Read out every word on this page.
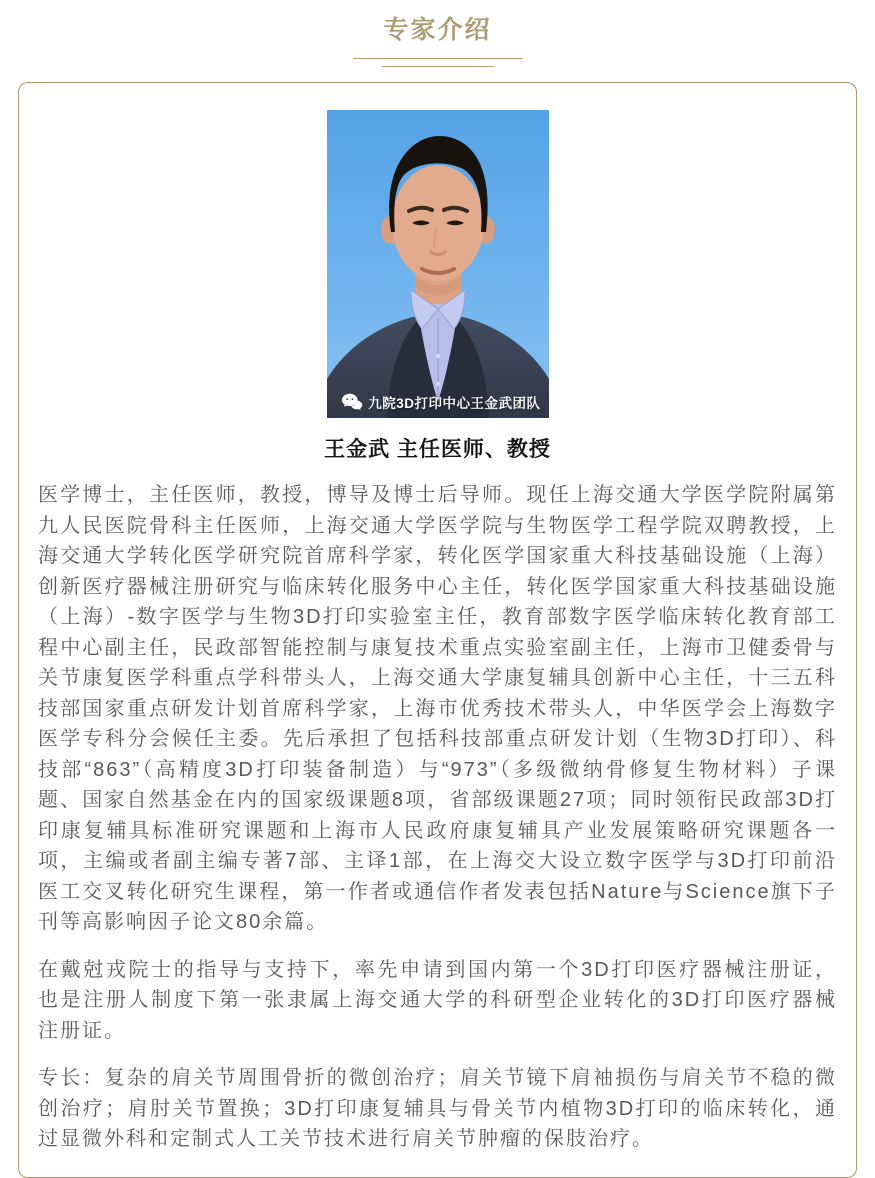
专家介绍
九院3D打印中心王金武团队
王金武 主任医师、教授

医学博士，主任医师，教授，博导及博士后导师。现任上海交通大学医学院附属第九人民医院骨科主任医师，上海交通大学医学院与生物医学工程学院双聘教授，上海交通大学转化医学研究院首席科学家，转化医学国家重大科技基础设施（上海）创新医疗器械注册研究与临床转化服务中心主任，转化医学国家重大科技基础设施（上海）-数字医学与生物3D打印实验室主任，教育部数字医学临床转化教育部工程中心副主任，民政部智能控制与康复技术重点实验室副主任，上海市卫健委骨与关节康复医学科重点学科带头人，上海交通大学康复辅具创新中心主任，十三五科技部国家重点研发计划首席科学家，上海市优秀技术带头人，中华医学会上海数字医学专科分会候任主委。先后承担了包括科技部重点研发计划（生物3D打印）、科技部“863”（高精度3D打印装备制造）与“973”（多级微纳骨修复生物材料）子课题、国家自然基金在内的国家级课题8项，省部级课题27项；同时领衔民政部3D打印康复辅具标准研究课题和上海市人民政府康复辅具产业发展策略研究课题各一项，主编或者副主编专著7部、主译1部，在上海交大设立数字医学与3D打印前沿医工交叉转化研究生课程，第一作者或通信作者发表包括Nature与Science旗下子刊等高影响因子论文80余篇。

在戴尅戎院士的指导与支持下，率先申请到国内第一个3D打印医疗器械注册证，也是注册人制度下第一张隶属上海交通大学的科研型企业转化的3D打印医疗器械注册证。

专长：复杂的肩关节周围骨折的微创治疗；肩关节镜下肩袖损伤与肩关节不稳的微创治疗；肩肘关节置换；3D打印康复辅具与骨关节内植物3D打印的临床转化，通过显微外科和定制式人工关节技术进行肩关节肿瘤的保肢治疗。
